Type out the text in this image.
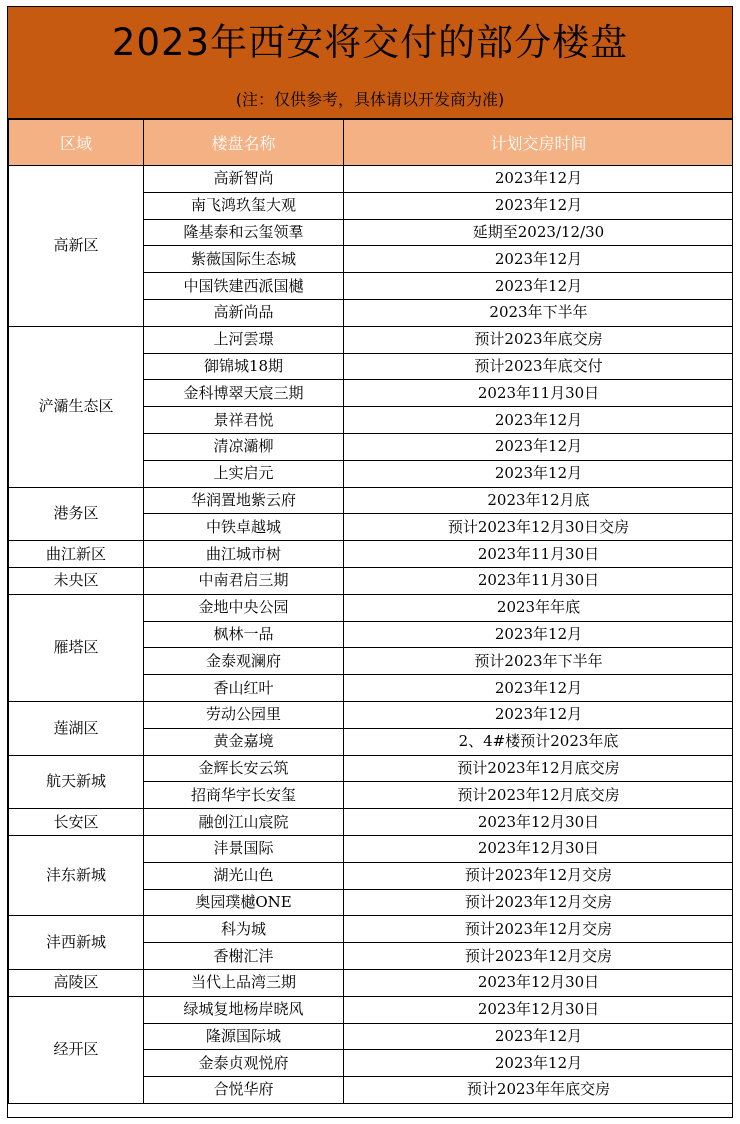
2023年西安将交付的部分楼盘
(注：仅供参考，具体请以开发商为准)
区域	楼盘名称	计划交房时间
高新区	高新智尚	2023年12月
	南飞鸿玖玺大观	2023年12月
	隆基泰和云玺领羣	延期至2023/12/30
	紫薇国际生态城	2023年12月
	中国铁建西派国樾	2023年12月
	高新尚品	2023年下半年
浐灞生态区	上河雲璟	预计2023年底交房
	御锦城18期	预计2023年底交付
	金科博翠天宸三期	2023年11月30日
	景祥君悦	2023年12月
	清凉灞柳	2023年12月
	上实启元	2023年12月
港务区	华润置地紫云府	2023年12月底
	中铁卓越城	预计2023年12月30日交房
曲江新区	曲江城市树	2023年11月30日
未央区	中南君启三期	2023年11月30日
雁塔区	金地中央公园	2023年年底
	枫林一品	2023年12月
	金泰观澜府	预计2023年下半年
	香山红叶	2023年12月
莲湖区	劳动公园里	2023年12月
	黄金嘉境	2、4#楼预计2023年底
航天新城	金辉长安云筑	预计2023年12月底交房
	招商华宇长安玺	预计2023年12月底交房
长安区	融创江山宸院	2023年12月30日
沣东新城	沣景国际	2023年12月30日
	湖光山色	预计2023年12月交房
	奥园璞樾ONE	预计2023年12月交房
沣西新城	科为城	预计2023年12月交房
	香榭汇沣	预计2023年12月交房
高陵区	当代上品湾三期	2023年12月30日
经开区	绿城复地杨岸晓风	2023年12月30日
	隆源国际城	2023年12月
	金泰贞观悦府	2023年12月
	合悦华府	预计2023年年底交房
